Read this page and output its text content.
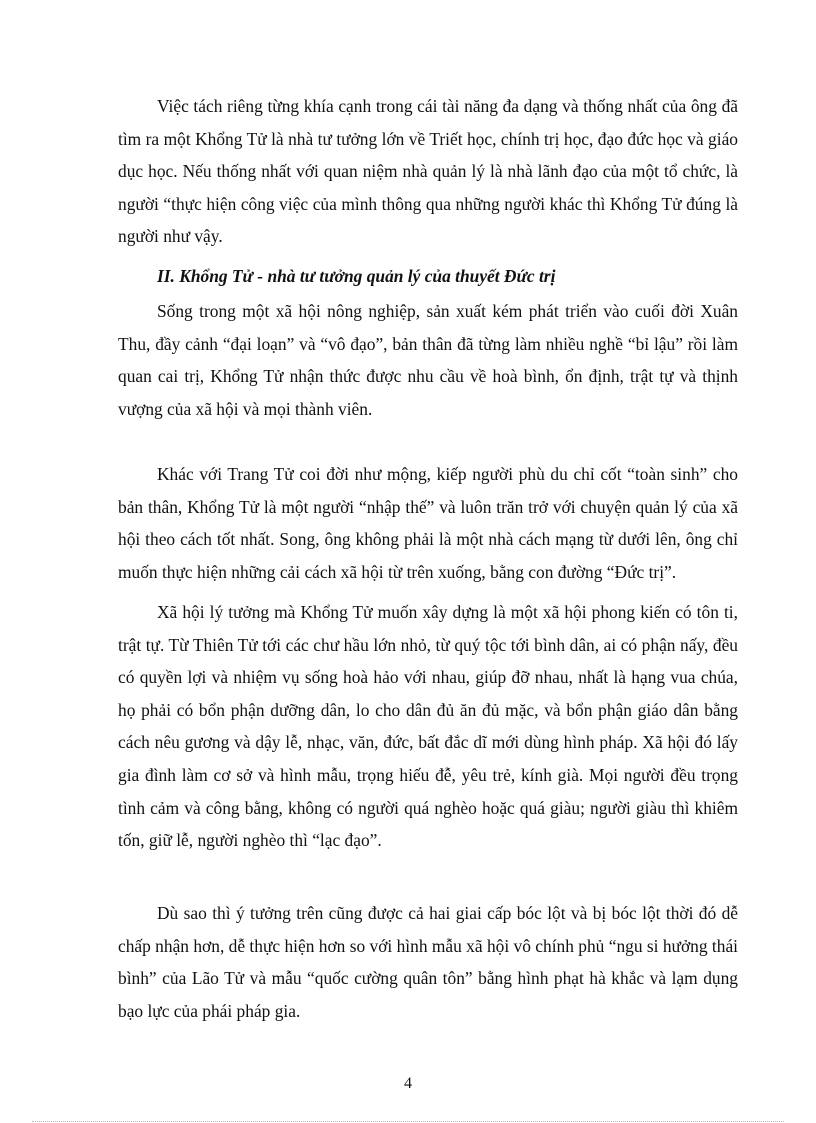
Việc tách riêng từng khía cạnh trong cái tài năng đa dạng và thống nhất của ông đã tìm ra một Khổng Tử là nhà tư tưởng lớn về Triết học, chính trị học, đạo đức học và giáo dục học. Nếu thống nhất với quan niệm nhà quản lý là nhà lãnh đạo của một tổ chức, là người “thực hiện công việc của mình thông qua những người khác thì Khổng Tử đúng là người như vậy.

II. Khổng Tử - nhà tư tưởng quản lý của thuyết Đức trị

Sống trong một xã hội nông nghiệp, sản xuất kém phát triển vào cuối đời Xuân Thu, đầy cảnh “đại loạn” và “vô đạo”, bản thân đã từng làm nhiều nghề “bỉ lậu” rồi làm quan cai trị, Khổng Tử nhận thức được nhu cầu về hoà bình, ổn định, trật tự và thịnh vượng của xã hội và mọi thành viên.

Khác với Trang Tử coi đời như mộng, kiếp người phù du chỉ cốt “toàn sinh” cho bản thân, Khổng Tử là một người “nhập thế” và luôn trăn trở với chuyện quản lý của xã hội theo cách tốt nhất. Song, ông không phải là một nhà cách mạng từ dưới lên, ông chỉ muốn thực hiện những cải cách xã hội từ trên xuống, bằng con đường “Đức trị”.

Xã hội lý tưởng mà Khổng Tử muốn xây dựng là một xã hội phong kiến có tôn ti, trật tự. Từ Thiên Tử tới các chư hầu lớn nhỏ, từ quý tộc tới bình dân, ai có phận nấy, đều có quyền lợi và nhiệm vụ sống hoà hảo với nhau, giúp đỡ nhau, nhất là hạng vua chúa, họ phải có bổn phận dưỡng dân, lo cho dân đủ ăn đủ mặc, và bổn phận giáo dân bằng cách nêu gương và dậy lễ, nhạc, văn, đức, bất đắc dĩ mới dùng hình pháp. Xã hội đó lấy gia đình làm cơ sở và hình mẫu, trọng hiếu đễ, yêu trẻ, kính già. Mọi người đều trọng tình cảm và công bằng, không có người quá nghèo hoặc quá giàu; người giàu thì khiêm tốn, giữ lễ, người nghèo thì “lạc đạo”.

Dù sao thì ý tưởng trên cũng được cả hai giai cấp bóc lột và bị bóc lột thời đó dễ chấp nhận hơn, dễ thực hiện hơn so với hình mẫu xã hội vô chính phủ “ngu si hưởng thái bình” của Lão Tử và mẫu “quốc cường quân tôn” bằng hình phạt hà khắc và lạm dụng bạo lực của phái pháp gia.

4
